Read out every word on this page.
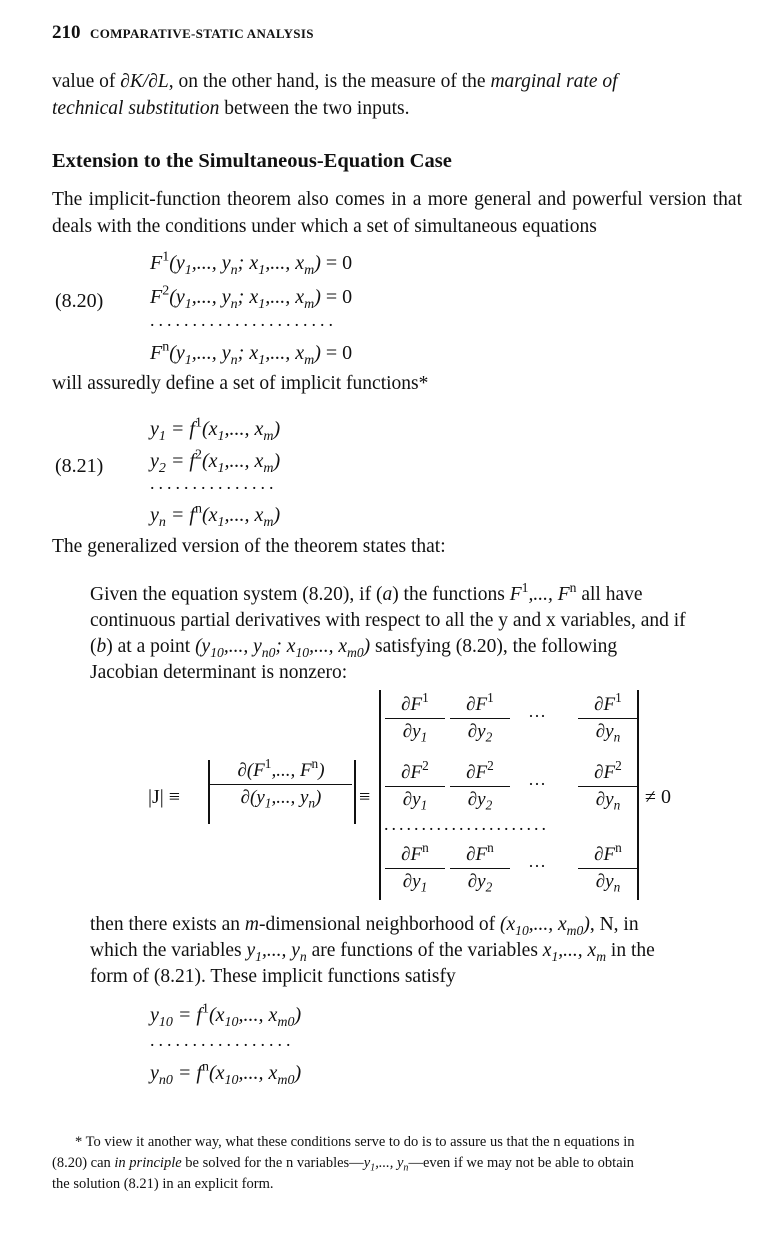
210 COMPARATIVE-STATIC ANALYSIS
value of ∂K/∂L, on the other hand, is the measure of the marginal rate of
technical substitution between the two inputs.
Extension to the Simultaneous-Equation Case
The implicit-function theorem also comes in a more general and powerful version that deals with the conditions under which a set of simultaneous equations
$F^1(y_1$,..., $y_n$; $x_1$,..., $x_m) = 0$
(8.20) $F^2(y_1$,..., $y_n$; $x_1$,..., $x_m) = 0$
......................
$F^n(y_1$,..., $y_n$; $x_1$,..., $x_m) = 0$
will assuredly define a set of implicit functions*
$y_1 = f^1(x_1$,..., $x_m$)
(8.21) $y_2 = f^2(x_1$,..., $x_m$)
...............
$y_n = f^n(x_1$,..., $x_m$)
The generalized version of the theorem states that:
Given the equation system (8.20), if (a) the functions $F^1$,..., $F^n$ all have
continuous partial derivatives with respect to all the y and x variables, and if
(b) at a point ($y_{10}$,..., $y_{n0}$; $x_{10}$,..., $x_{m0}$) satisfying (8.20), the following
Jacobian determinant is nonzero:
$|J| \equiv \frac{\partial(F^1,..., F^n)}{\partial(y_1,..., y_n)}$ ≡
$\frac{\partial F^1}{\partial y_1} \frac{\partial F^1}{\partial y_2}$ ··· $\frac{\partial F^1}{\partial y_n}$
$\frac{\partial F^2}{\partial y_1} \frac{\partial F^2}{\partial y_2}$ ··· $\frac{\partial F^2}{\partial y_n} \ne 0$
......................
$\frac{\partial F^n}{\partial y_1} \frac{\partial F^n}{\partial y_2}$ ··· $\frac{\partial F^n}{\partial y_n}$
then there exists an m-dimensional neighborhood of ($x_{10}$,..., $x_{m0}$), N, in
which the variables $y_1$,..., $y_n$ are functions of the variables $x_1$,..., $x_m$ in the
form of (8.21). These implicit functions satisfy
$y_{10} = f^1(x_{10}$,..., $x_{m0}$)
.................
$y_{n0} = f^n(x_{10}$,..., $x_{m0}$)
* To view it another way, what these conditions serve to do is to assure us that the n equations in
(8.20) can in principle be solved for the n $variables—y_1$,..., $y_n—even$ if we may not be able to obtain
the solution (8.21) in an explicit form.
